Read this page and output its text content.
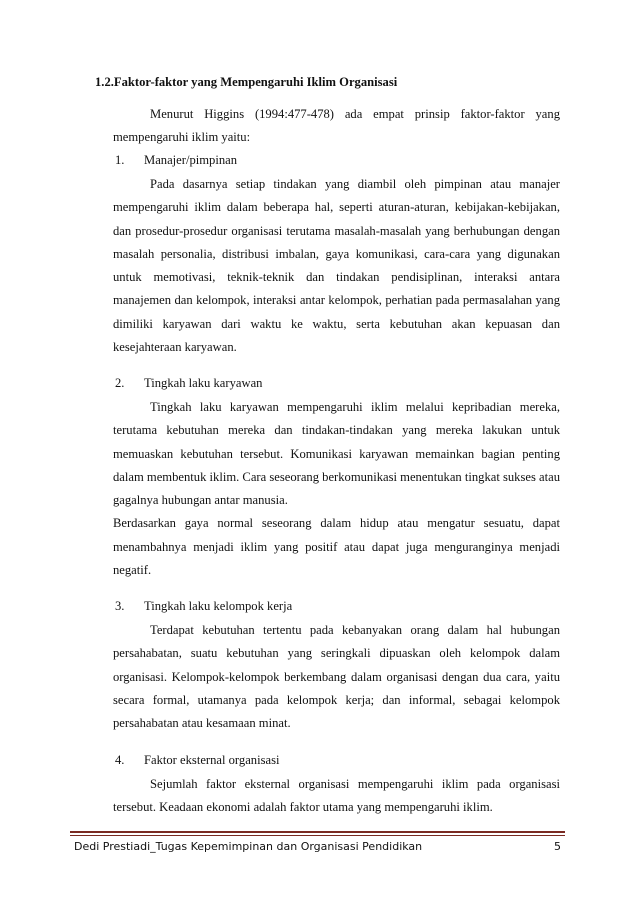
1.2.Faktor-faktor yang Mempengaruhi Iklim Organisasi

Menurut Higgins (1994:477-478) ada empat prinsip faktor-faktor yang mempengaruhi iklim yaitu:

1. Manajer/pimpinan

Pada dasarnya setiap tindakan yang diambil oleh pimpinan atau manajer mempengaruhi iklim dalam beberapa hal, seperti aturan-aturan, kebijakan-kebijakan, dan prosedur-prosedur organisasi terutama masalah-masalah yang berhubungan dengan masalah personalia, distribusi imbalan, gaya komunikasi, cara-cara yang digunakan untuk memotivasi, teknik-teknik dan tindakan pendisiplinan, interaksi antara manajemen dan kelompok, interaksi antar kelompok, perhatian pada permasalahan yang dimiliki karyawan dari waktu ke waktu, serta kebutuhan akan kepuasan dan kesejahteraan karyawan.

2. Tingkah laku karyawan

Tingkah laku karyawan mempengaruhi iklim melalui kepribadian mereka, terutama kebutuhan mereka dan tindakan-tindakan yang mereka lakukan untuk memuaskan kebutuhan tersebut. Komunikasi karyawan memainkan bagian penting dalam membentuk iklim. Cara seseorang berkomunikasi menentukan tingkat sukses atau gagalnya hubungan antar manusia.

Berdasarkan gaya normal seseorang dalam hidup atau mengatur sesuatu, dapat menambahnya menjadi iklim yang positif atau dapat juga menguranginya menjadi negatif.

3. Tingkah laku kelompok kerja

Terdapat kebutuhan tertentu pada kebanyakan orang dalam hal hubungan persahabatan, suatu kebutuhan yang seringkali dipuaskan oleh kelompok dalam organisasi. Kelompok-kelompok berkembang dalam organisasi dengan dua cara, yaitu secara formal, utamanya pada kelompok kerja; dan informal, sebagai kelompok persahabatan atau kesamaan minat.

4. Faktor eksternal organisasi

Sejumlah faktor eksternal organisasi mempengaruhi iklim pada organisasi tersebut. Keadaan ekonomi adalah faktor utama yang mempengaruhi iklim.

Dedi Prestiadi_Tugas Kepemimpinan dan Organisasi Pendidikan	5
